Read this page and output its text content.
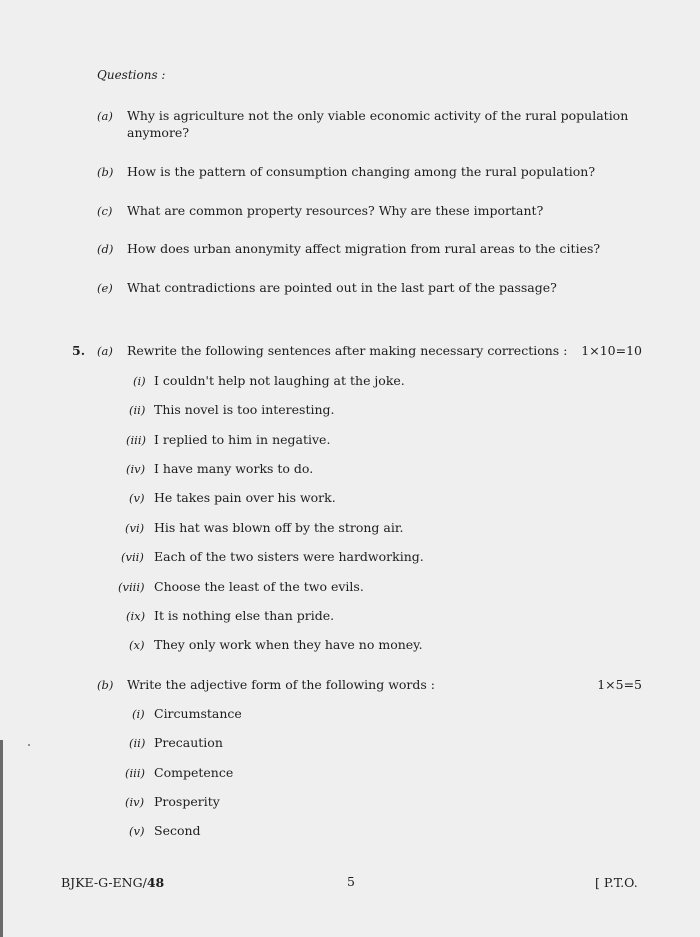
Questions :
(a) Why is agriculture not the only viable economic activity of the rural population
anymore?
(b) How is the pattern of consumption changing among the rural population?
(c) What are common property resources? Why are these important?
(d) How does urban anonymity affect migration from rural areas to the cities?
(e) What contradictions are pointed out in the last part of the passage?
5. (a) Rewrite the following sentences after making necessary corrections : 1×10=10
(i) I couldn't help not laughing at the joke.
(ii) This novel is too interesting.
(iii) I replied to him in negative.
(iv) I have many works to do.
(v) He takes pain over his work.
(vi) His hat was blown off by the strong air.
(vii) Each of the two sisters were hardworking.
(viii) Choose the least of the two evils.
(ix) It is nothing else than pride.
(x) They only work when they have no money.
(b) Write the adjective form of the following words :	1×5=5
(i) Circumstance
(ii) Precaution
(iii) Competence
(iv) Prosperity
(v) Second
BJKE-G-ENG/48	5	[ P.T.O.
